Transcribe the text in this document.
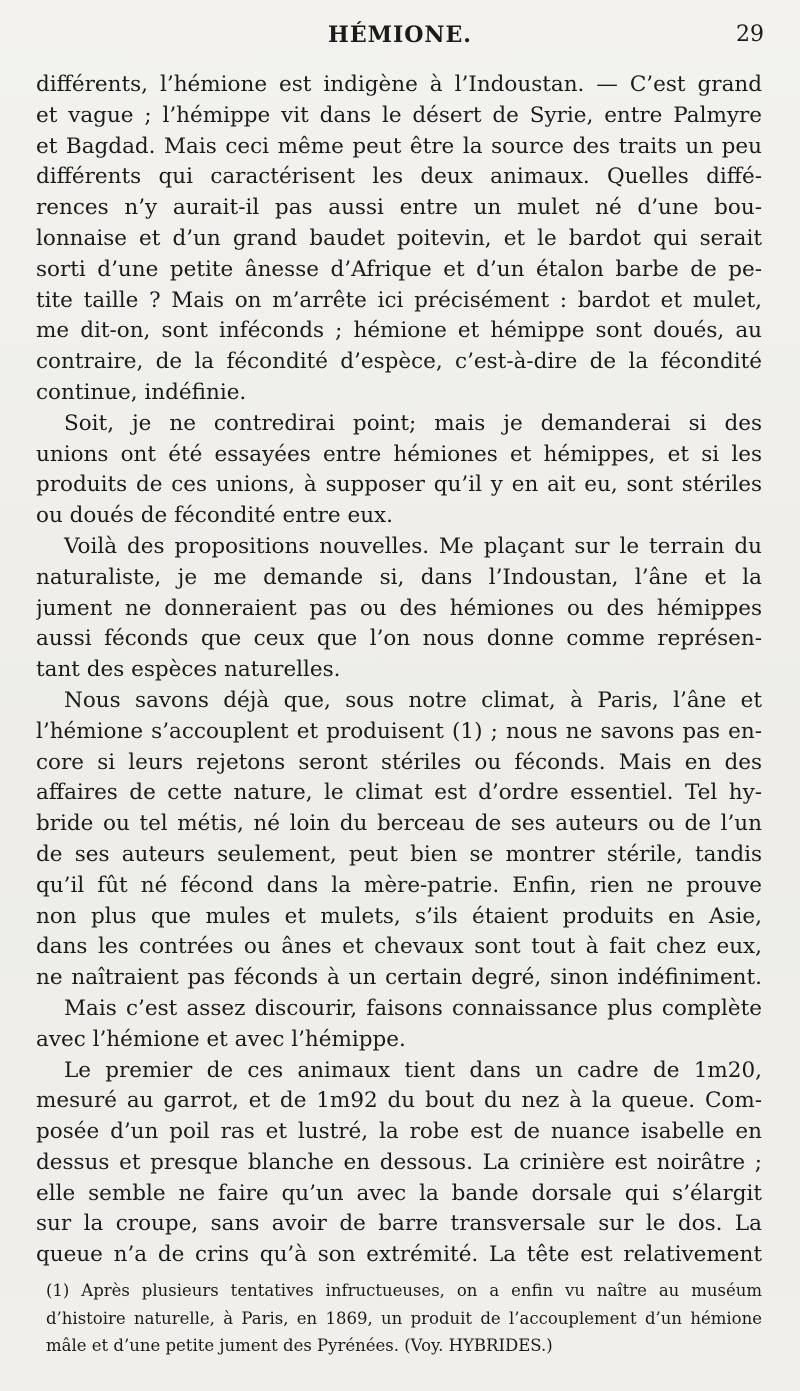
HÉMIONE.	29
différents, l’hémione est indigène à l’Indoustan. — C’est grand
et vague ; l’hémippe vit dans le désert de Syrie, entre Palmyre
et Bagdad. Mais ceci même peut être la source des traits un peu
différents qui caractérisent les deux animaux. Quelles diffé-
rences n’y aurait-il pas aussi entre un mulet né d’une bou-
lonnaise et d’un grand baudet poitevin, et le bardot qui serait
sorti d’une petite ânesse d’Afrique et d’un étalon barbe de pe-
tite taille ? Mais on m’arrête ici précisément : bardot et mulet,
me dit-on, sont inféconds ; hémione et hémippe sont doués, au
contraire, de la fécondité d’espèce, c’est-à-dire de la fécondité
continue, indéfinie.
Soit, je ne contredirai point; mais je demanderai si des
unions ont été essayées entre hémiones et hémippes, et si les
produits de ces unions, à supposer qu’il y en ait eu, sont stériles
ou doués de fécondité entre eux.
Voilà des propositions nouvelles. Me plaçant sur le terrain du
naturaliste, je me demande si, dans l’Indoustan, l’âne et la
jument ne donneraient pas ou des hémiones ou des hémippes
aussi féconds que ceux que l’on nous donne comme représen-
tant des espèces naturelles.
Nous savons déjà que, sous notre climat, à Paris, l’âne et
l’hémione s’accouplent et produisent (1) ; nous ne savons pas en-
core si leurs rejetons seront stériles ou féconds. Mais en des
affaires de cette nature, le climat est d’ordre essentiel. Tel hy-
bride ou tel métis, né loin du berceau de ses auteurs ou de l’un
de ses auteurs seulement, peut bien se montrer stérile, tandis
qu’il fût né fécond dans la mère-patrie. Enfin, rien ne prouve
non plus que mules et mulets, s’ils étaient produits en Asie,
dans les contrées ou ânes et chevaux sont tout à fait chez eux,
ne naîtraient pas féconds à un certain degré, sinon indéfiniment.
Mais c’est assez discourir, faisons connaissance plus complète
avec l’hémione et avec l’hémippe.
Le premier de ces animaux tient dans un cadre de 1m20,
mesuré au garrot, et de 1m92 du bout du nez à la queue. Com-
posée d’un poil ras et lustré, la robe est de nuance isabelle en
dessus et presque blanche en dessous. La crinière est noirâtre ;
elle semble ne faire qu’un avec la bande dorsale qui s’élargit
sur la croupe, sans avoir de barre transversale sur le dos. La
queue n’a de crins qu’à son extrémité. La tête est relativement
(1) Après plusieurs tentatives infructueuses, on a enfin vu naître au muséum
d’histoire naturelle, à Paris, en 1869, un produit de l’accouplement d’un hémione
mâle et d’une petite jument des Pyrénées. (Voy. HYBRIDES.)
